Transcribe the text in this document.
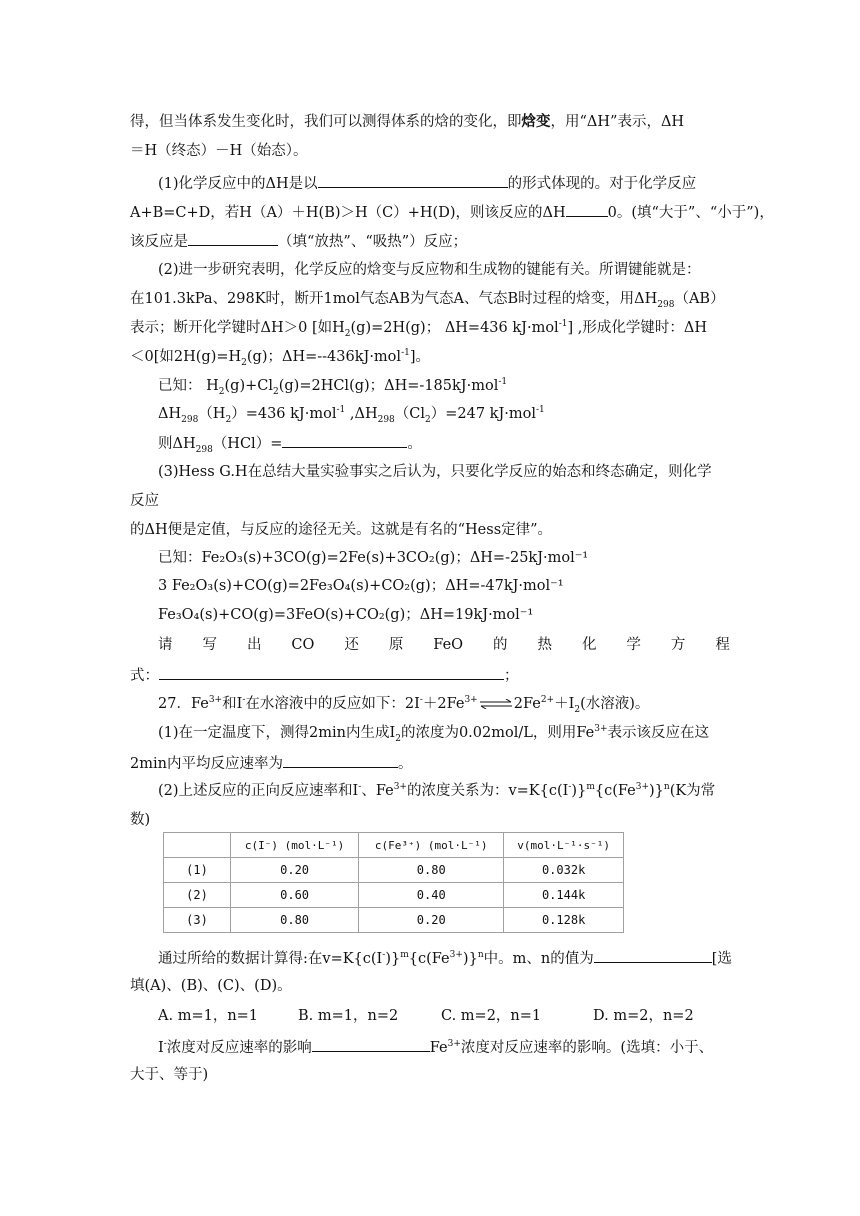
得，但当体系发生变化时，我们可以测得体系的焓的变化，即焓变，用“ΔH”表示，ΔH
＝H（终态）－H（始态）。
(1)化学反应中的ΔH是以	的形式体现的。对于化学反应
A+B=C+D，若H（A）＋H(B)＞H（C）+H(D)，则该反应的ΔH	0。(填“大于”、“小于”)，
该反应是	（填“放热”、“吸热”）反应；
(2)进一步研究表明，化学反应的焓变与反应物和生成物的键能有关。所谓键能就是：
在101.3kPa、298K时，断开1mol气态AB为气态A、气态B时过程的焓变，用$\Delta H_{298}(AB)$
表示；断开化学键时ΔH＞0 [如$H_2(g)=2H(g)$； ΔH=436 kJ·mol$^{-1}$] ,形成化学键时：ΔH
＜0[如$2H(g)=H_2(g)$；ΔH=--436kJ·mol$^{-1}$]。
已知： $H_2(g)+Cl_2(g)=2HCl(g)$；ΔH=-185kJ·mol$^{-1}$
$\Delta H_{298}(H_2)=436$ kJ·mol$^{-1}$ $,\Delta H_{298}(Cl_2)=247$ kJ·mol$^{-1}$
则$\Delta H_{298}(HCl)=$	。
(3)Hess G.H在总结大量实验事实之后认为，只要化学反应的始态和终态确定，则化学
反应
的ΔH便是定值，与反应的途径无关。这就是有名的“Hess定律”。
已知：Fe₂O₃(s)+3CO(g)=2Fe(s)+3CO₂(g)；ΔH=-25kJ·mol⁻¹
3 Fe₂O₃(s)+CO(g)=2Fe₃O₄(s)+CO₂(g)；ΔH=-47kJ·mol⁻¹
Fe₃O₄(s)+CO(g)=3FeO(s)+CO₂(g)；ΔH=19kJ·mol⁻¹
请 写 出 CO 还 原 FeO 的 热 化 学 方 程
式：	；
27．$Fe^{3+}$和I-在水溶液中的反应如下：$2I^-+2Fe^{3+}\rightleftharpoons 2Fe^{2+}+I_2$(水溶液)。
(1)在一定温度下，测得2min内生成$I_2$的浓度为0.02mol/L，则用$Fe^{3+}$表示该反应在这
2min内平均反应速率为	。
(2)上述反应的正向反应速率和I-、$Fe^{3+}$的浓度关系为：$v=K\{c(I^-)\}^m\{c(Fe^{3+})\}^n(K$为常
数)
	c(I⁻) (mol·L⁻¹)	c(Fe³⁺) (mol·L⁻¹)	v(mol·L⁻¹·s⁻¹)
(1)	0.20	0.80	0.032k
(2)	0.60	0.40	0.144k
(3)	0.80	0.20	0.128k
通过所给的数据计算得:在$v=K\{c(I^-)\}^m\{c(Fe^{3+})\}^n$中。m、n的值为	[选
填(A)、(B)、(C)、(D)。
A. m=1，n=1	B. m=1，n=2	C. m=2，n=1	D. m=2，n=2
I-浓度对反应速率的影响	$Fe^{3+}$浓度对反应速率的影响。(选填：小于、
大于、等于)
